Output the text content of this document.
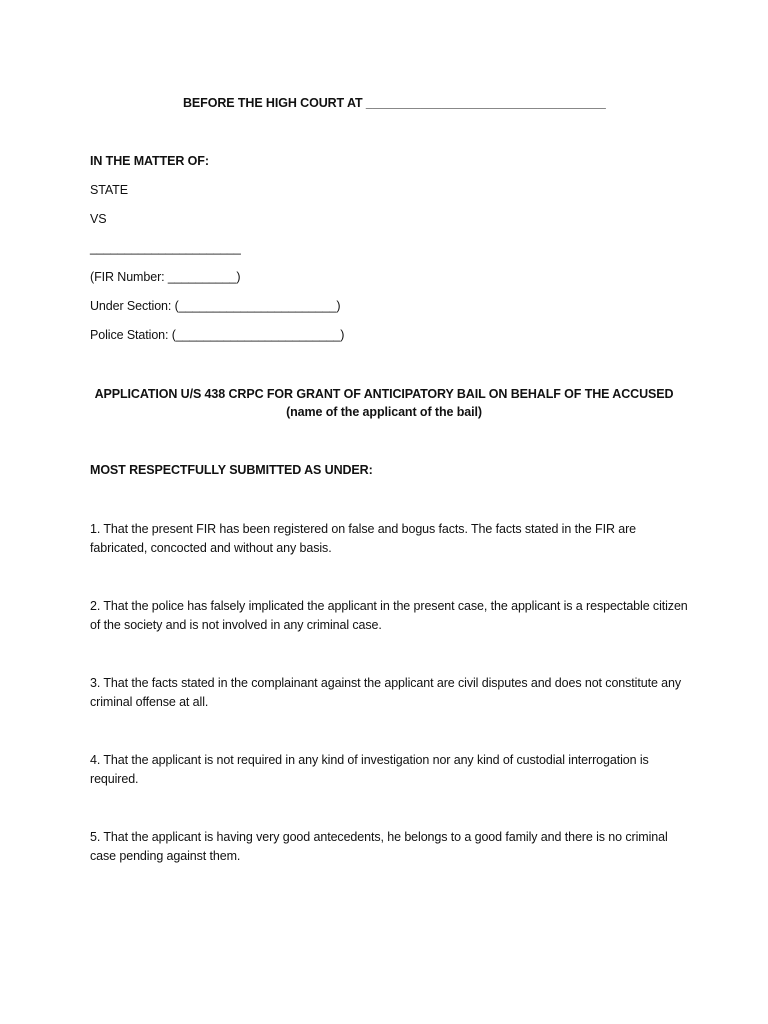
BEFORE THE HIGH COURT AT ___________________________________
IN THE MATTER OF:
STATE
VS
______________________
(FIR Number: __________)
Under Section: (_______________________)
Police Station: (________________________)
APPLICATION U/S 438 CRPC FOR GRANT OF ANTICIPATORY BAIL ON BEHALF OF THE ACCUSED (name of the applicant of the bail)
MOST RESPECTFULLY SUBMITTED AS UNDER:
1. That the present FIR has been registered on false and bogus facts. The facts stated in the FIR are fabricated, concocted and without any basis.
2. That the police has falsely implicated the applicant in the present case, the applicant is a respectable citizen of the society and is not involved in any criminal case.
3. That the facts stated in the complainant against the applicant are civil disputes and does not constitute any criminal offense at all.
4. That the applicant is not required in any kind of investigation nor any kind of custodial interrogation is required.
5. That the applicant is having very good antecedents, he belongs to a good family and there is no criminal case pending against them.
